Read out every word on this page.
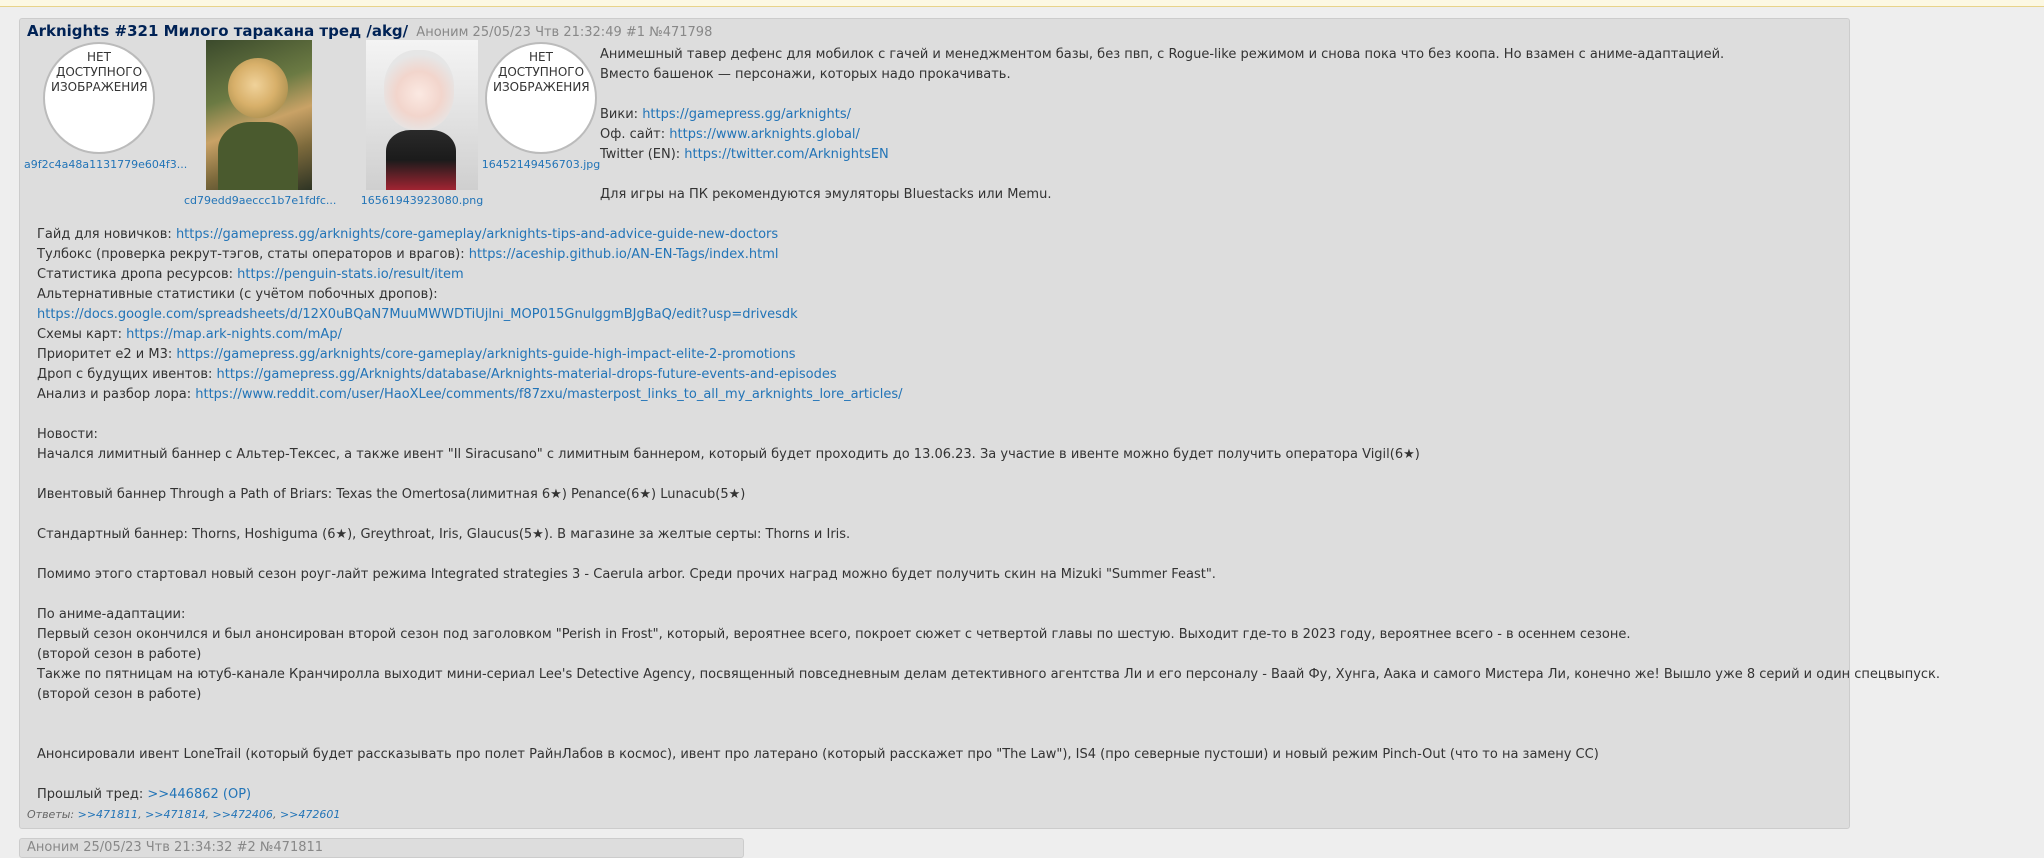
Arknights #321 Милого таракана тред /akg/ Аноним 25/05/23 Чтв 21:32:49 #1 №471798
НЕТ ДОСТУПНОГО ИЗОБРАЖЕНИЯ
a9f2c4a48a1131779e604f3...
cd79edd9aeccc1b7e1fdfc...	16561943923080.png
НЕТ ДОСТУПНОГО ИЗОБРАЖЕНИЯ
16452149456703.jpg
Анимешный тавер дефенс для мобилок с гачей и менеджментом базы, без пвп, с Rogue-like режимом и снова пока что без коопа. Но взамен с аниме-адаптацией.
Вместо башенок — персонажи, которых надо прокачивать.
Вики: https://gamepress.gg/arknights/
Оф. сайт: https://www.arknights.global/
Twitter (EN): https://twitter.com/ArknightsEN
Для игры на ПК рекомендуются эмуляторы Bluestacks или Memu.
Гайд для новичков: https://gamepress.gg/arknights/core-gameplay/arknights-tips-and-advice-guide-new-doctors
Тулбокс (проверка рекрут-тэгов, статы операторов и врагов): https://aceship.github.io/AN-EN-Tags/index.html
Статистика дропа ресурсов: https://penguin-stats.io/result/item
Альтернативные статистики (с учётом побочных дропов):
https://docs.google.com/spreadsheets/d/12X0uBQaN7MuuMWWDTiUjlni_MOP015GnulggmBJgBaQ/edit?usp=drivesdk
Схемы карт: https://map.ark-nights.com/mAp/
Приоритет е2 и М3: https://gamepress.gg/arknights/core-gameplay/arknights-guide-high-impact-elite-2-promotions
Дроп с будущих ивентов: https://gamepress.gg/Arknights/database/Arknights-material-drops-future-events-and-episodes
Анализ и разбор лора: https://www.reddit.com/user/HaoXLee/comments/f87zxu/masterpost_links_to_all_my_arknights_lore_articles/
Новости:
Начался лимитный баннер с Альтер-Тексес, а также ивент "Il Siracusano" с лимитным баннером, который будет проходить до 13.06.23. За участие в ивенте можно будет получить оператора Vigil(6★)
Ивентовый баннер Through a Path of Briars: Texas the Omertosa(лимитная 6★) Penance(6★) Lunacub(5★)
Стандартный баннер: Thorns, Hoshiguma (6★), Greythroat, Iris, Glaucus(5★). В магазине за желтые серты: Thorns и Iris.
Помимо этого стартовал новый сезон роуг-лайт режима Integrated strategies 3 - Caerula arbor. Среди прочих наград можно будет получить скин на Mizuki "Summer Feast".
По аниме-адаптации:
Первый сезон окончился и был анонсирован второй сезон под заголовком "Perish in Frost", который, вероятнее всего, покроет сюжет с четвертой главы по шестую. Выходит где-то в 2023 году, вероятнее всего - в осеннем сезоне.
(второй сезон в работе)
Также по пятницам на ютуб-канале Кранчиролла выходит мини-сериал Lee's Detective Agency, посвященный повседневным делам детективного агентства Ли и его персоналу - Ваай Фу, Хунга, Аака и самого Мистера Ли, конечно же! Вышло уже 8 серий и один спецвыпуск.
(второй сезон в работе)
Анонсировали ивент LoneTrail (который будет рассказывать про полет РайнЛабов в космос), ивент про латерано (который расскажет про "The Law"), IS4 (про северные пустоши) и новый режим Pinch-Out (что то на замену СС)
Прошлый тред: >>446862 (OP)
Ответы: >>471811, >>471814, >>472406, >>472601
Аноним 25/05/23 Чтв 21:34:32 #2 №471811
